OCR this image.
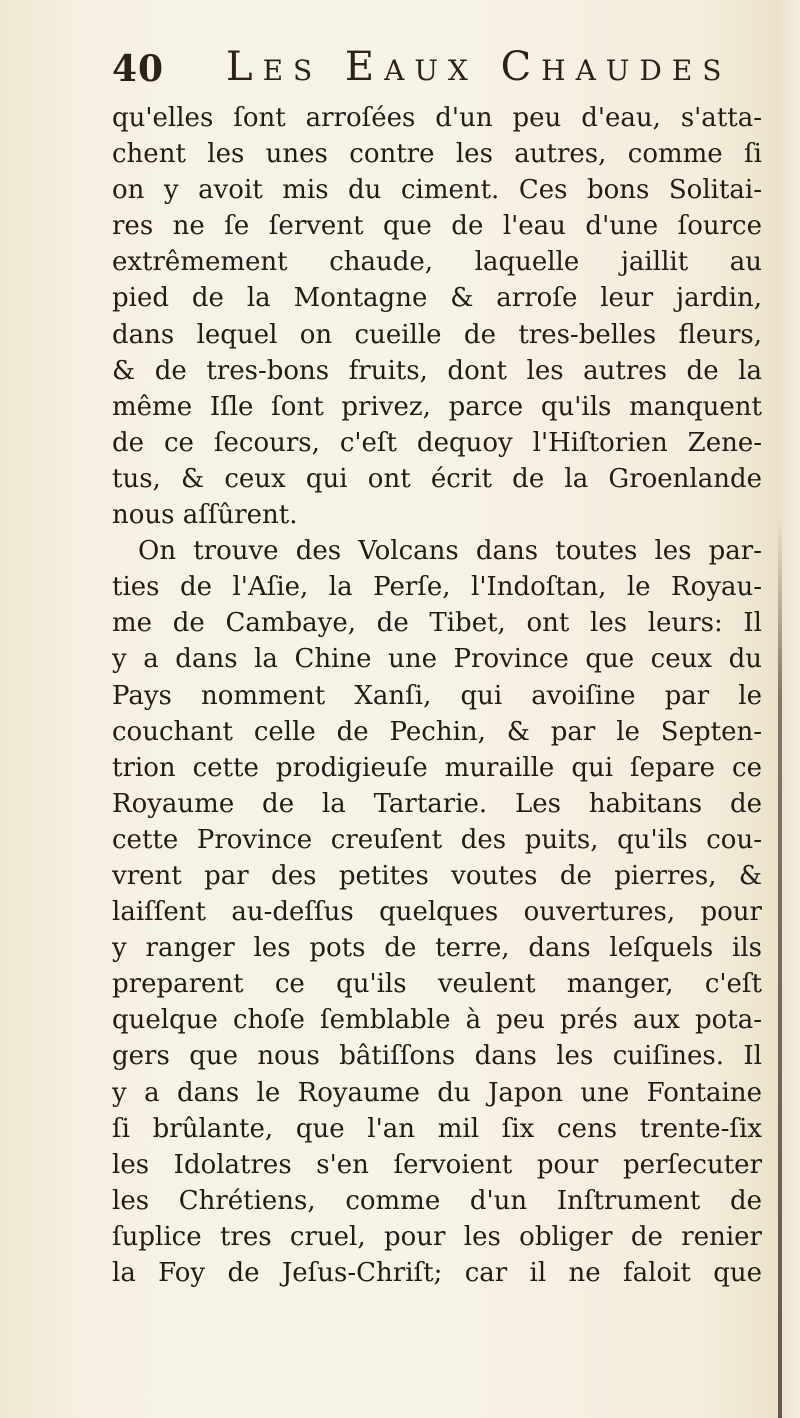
40 Les Eaux Chaudes
qu'elles ſont arroſées d'un peu d'eau, s'atta-
chent les unes contre les autres, comme ſi
on y avoit mis du ciment. Ces bons Solitai-
res ne ſe ſervent que de l'eau d'une ſource
extrêmement chaude, laquelle jaillit au
pied de la Montagne & arroſe leur jardin,
dans lequel on cueille de tres-belles fleurs,
& de tres-bons fruits, dont les autres de la
même Iſle ſont privez, parce qu'ils manquent
de ce ſecours, c'eſt dequoy l'Hiſtorien Zene-
tus, & ceux qui ont écrit de la Groenlande
nous aſſûrent.
On trouve des Volcans dans toutes les par-
ties de l'Aſie, la Perſe, l'Indoſtan, le Royau-
me de Cambaye, de Tibet, ont les leurs: Il
y a dans la Chine une Province que ceux du
Pays nomment Xanſi, qui avoiſine par le
couchant celle de Pechin, & par le Septen-
trion cette prodigieuſe muraille qui ſepare ce
Royaume de la Tartarie. Les habitans de
cette Province creuſent des puits, qu'ils cou-
vrent par des petites voutes de pierres, &
laiſſent au-deſſus quelques ouvertures, pour
y ranger les pots de terre, dans leſquels ils
preparent ce qu'ils veulent manger, c'eſt
quelque choſe ſemblable à peu prés aux pota-
gers que nous bâtiſſons dans les cuiſines. Il
y a dans le Royaume du Japon une Fontaine
ſi brûlante, que l'an mil ſix cens trente-ſix
les Idolatres s'en ſervoient pour perſecuter
les Chrétiens, comme d'un Inſtrument de
ſuplice tres cruel, pour les obliger de renier
la Foy de Jeſus-Chriſt; car il ne faloit que
